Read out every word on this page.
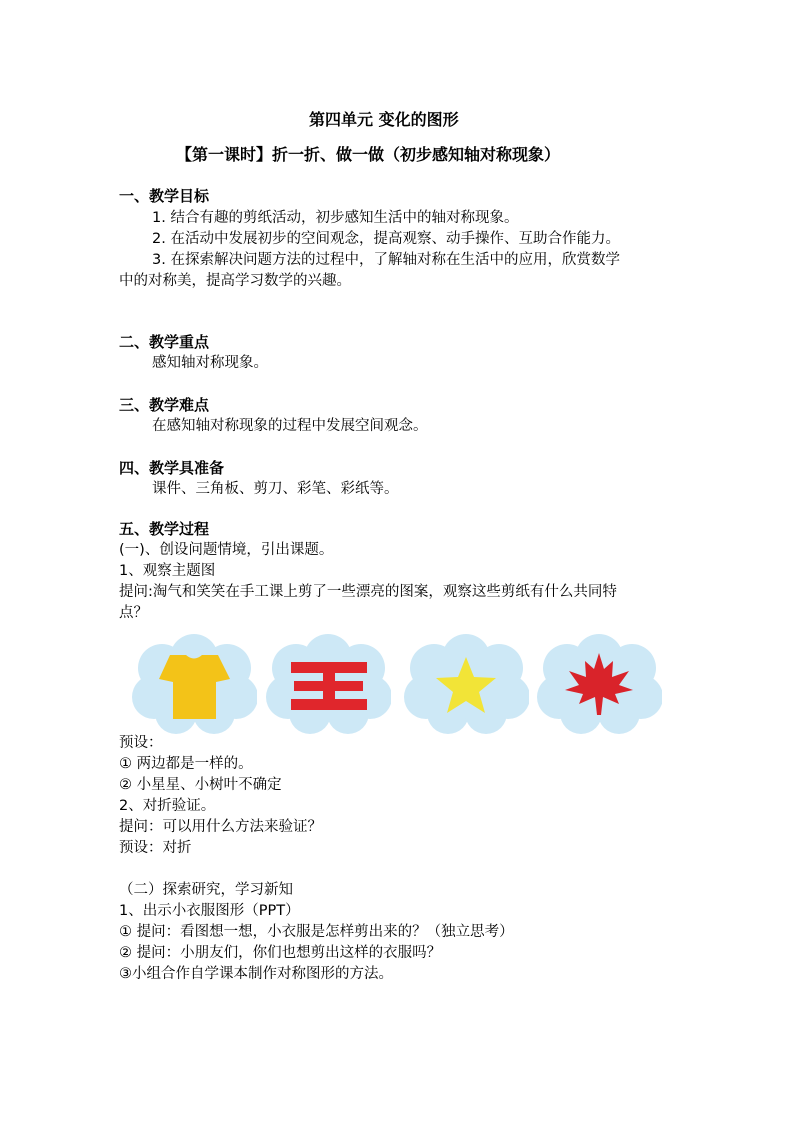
第四单元 变化的图形
【第一课时】折一折、做一做（初步感知轴对称现象）
一、教学目标
1. 结合有趣的剪纸活动，初步感知生活中的轴对称现象。
2. 在活动中发展初步的空间观念，提高观察、动手操作、互助合作能力。
3. 在探索解决问题方法的过程中，了解轴对称在生活中的应用，欣赏数学
中的对称美，提高学习数学的兴趣。
二、教学重点
感知轴对称现象。
三、教学难点
在感知轴对称现象的过程中发展空间观念。
四、教学具准备
课件、三角板、剪刀、彩笔、彩纸等。
五、教学过程
(一)、创设问题情境，引出课题。
1、观察主题图
提问:淘气和笑笑在手工课上剪了一些漂亮的图案，观察这些剪纸有什么共同特
点？
预设：
① 两边都是一样的。
② 小星星、小树叶不确定
2、对折验证。
提问：可以用什么方法来验证？
预设：对折
（二）探索研究，学习新知
1、出示小衣服图形（PPT）
① 提问：看图想一想，小衣服是怎样剪出来的？（独立思考）
② 提问：小朋友们，你们也想剪出这样的衣服吗？
③小组合作自学课本制作对称图形的方法。
